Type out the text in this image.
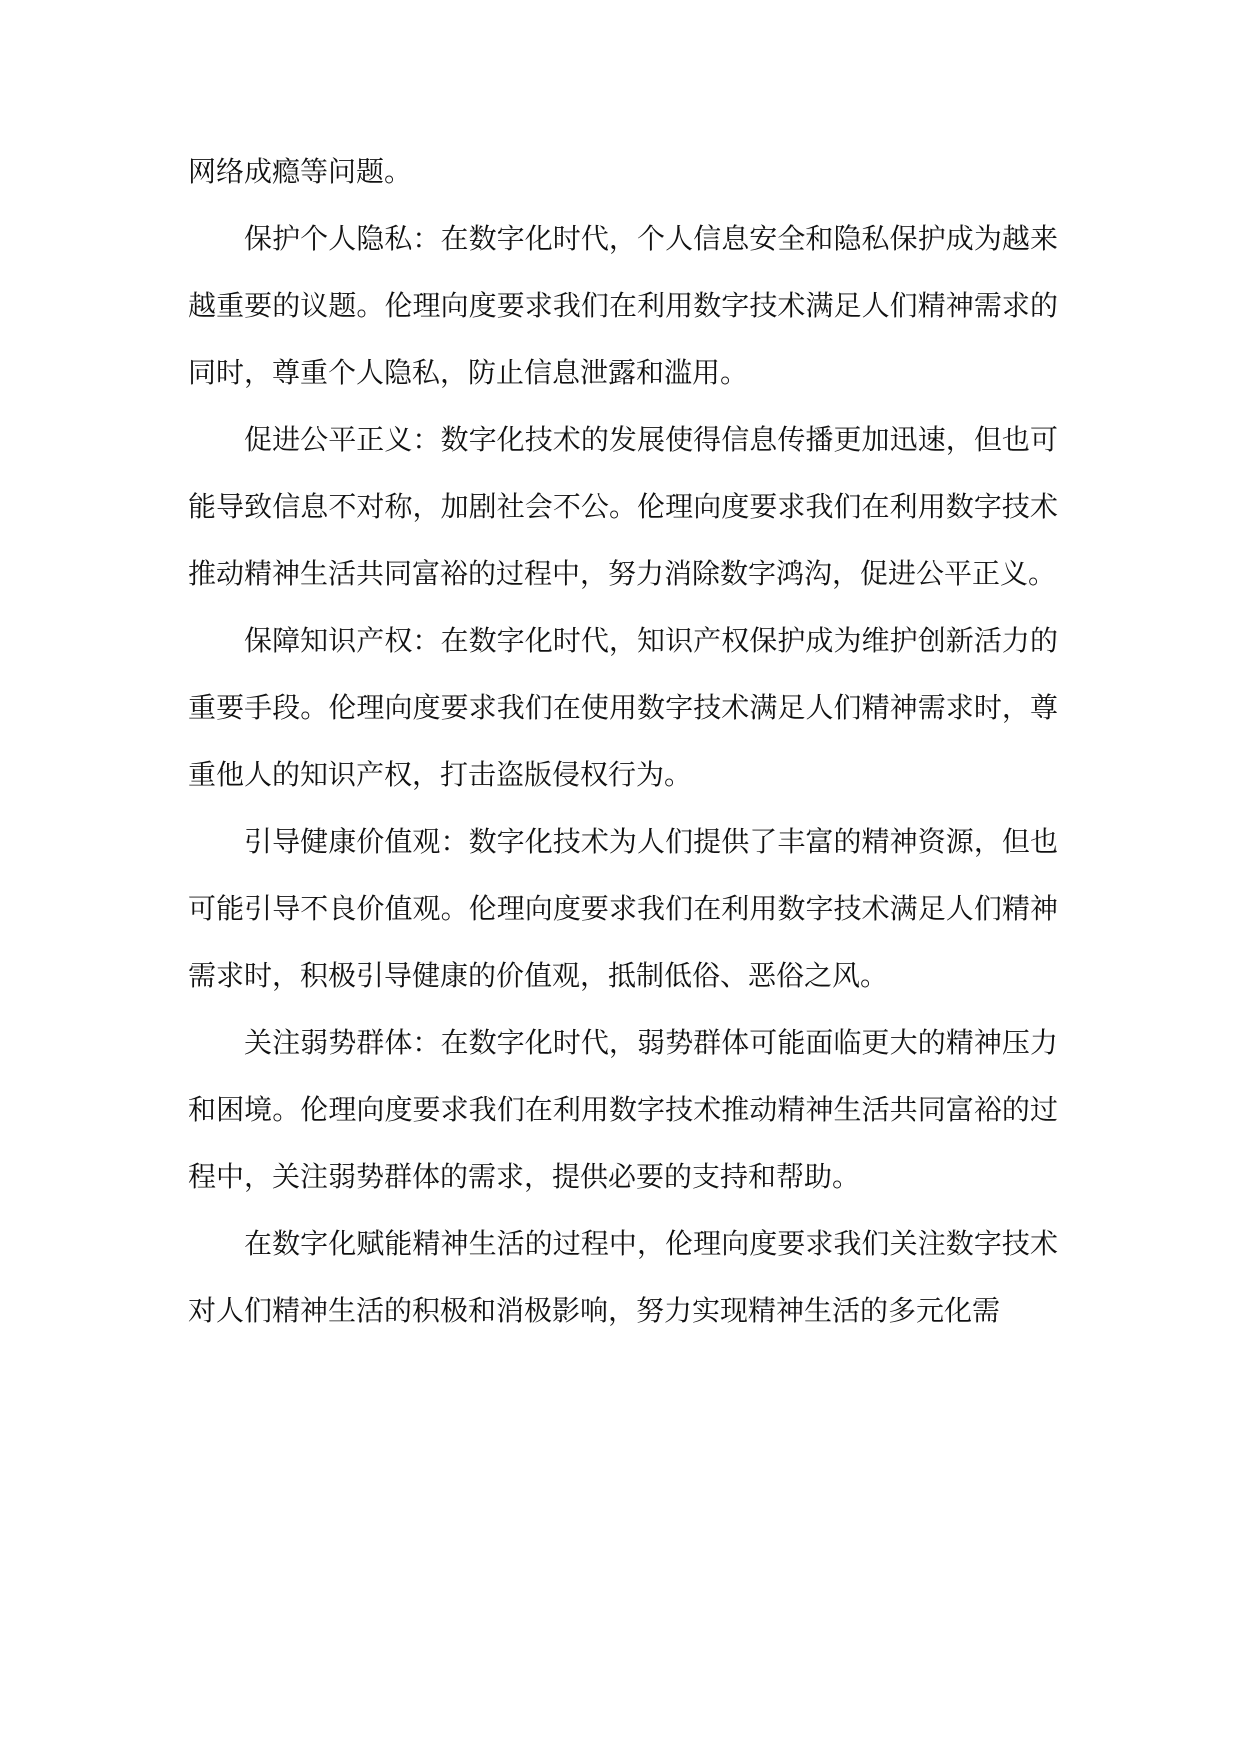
网络成瘾等问题。

保护个人隐私：在数字化时代，个人信息安全和隐私保护成为越来越重要的议题。伦理向度要求我们在利用数字技术满足人们精神需求的同时，尊重个人隐私，防止信息泄露和滥用。

促进公平正义：数字化技术的发展使得信息传播更加迅速，但也可能导致信息不对称，加剧社会不公。伦理向度要求我们在利用数字技术推动精神生活共同富裕的过程中，努力消除数字鸿沟，促进公平正义。

保障知识产权：在数字化时代，知识产权保护成为维护创新活力的重要手段。伦理向度要求我们在使用数字技术满足人们精神需求时，尊重他人的知识产权，打击盗版侵权行为。

引导健康价值观：数字化技术为人们提供了丰富的精神资源，但也可能引导不良价值观。伦理向度要求我们在利用数字技术满足人们精神需求时，积极引导健康的价值观，抵制低俗、恶俗之风。

关注弱势群体：在数字化时代，弱势群体可能面临更大的精神压力和困境。伦理向度要求我们在利用数字技术推动精神生活共同富裕的过程中，关注弱势群体的需求，提供必要的支持和帮助。

在数字化赋能精神生活的过程中，伦理向度要求我们关注数字技术对人们精神生活的积极和消极影响，努力实现精神生活的多元化需
